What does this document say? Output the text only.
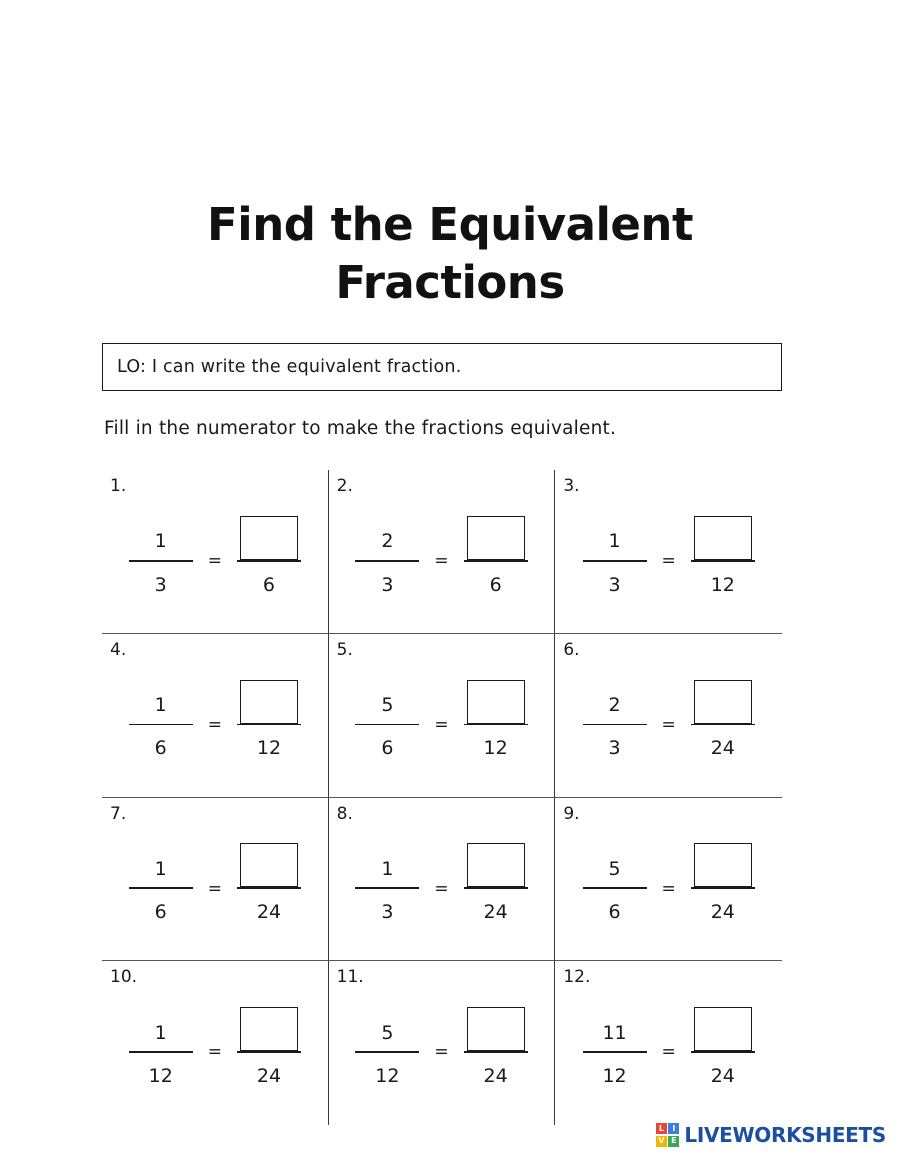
Find the Equivalent Fractions
LO: I can write the equivalent fraction.
Fill in the numerator to make the fractions equivalent.
1.
$\frac{1}{3}$ =
6
2.
$\frac{2}{3}$ =
6
3.
$\frac{1}{3}$ =
12
4.
$\frac{1}{6}$ =
12
5.
$\frac{5}{6}$ =
12
6.
$\frac{2}{3}$ =
24
7.
$\frac{1}{6}$ =
24
8.
$\frac{1}{3}$ =
24
9.
$\frac{5}{6}$ =
24
10.
$\frac{1}{12}$ =
24
11.
$\frac{5}{12}$ =
24
12.
$\frac{11}{12}$ =
24
L	I
V E LIVEWORKSHEETS
